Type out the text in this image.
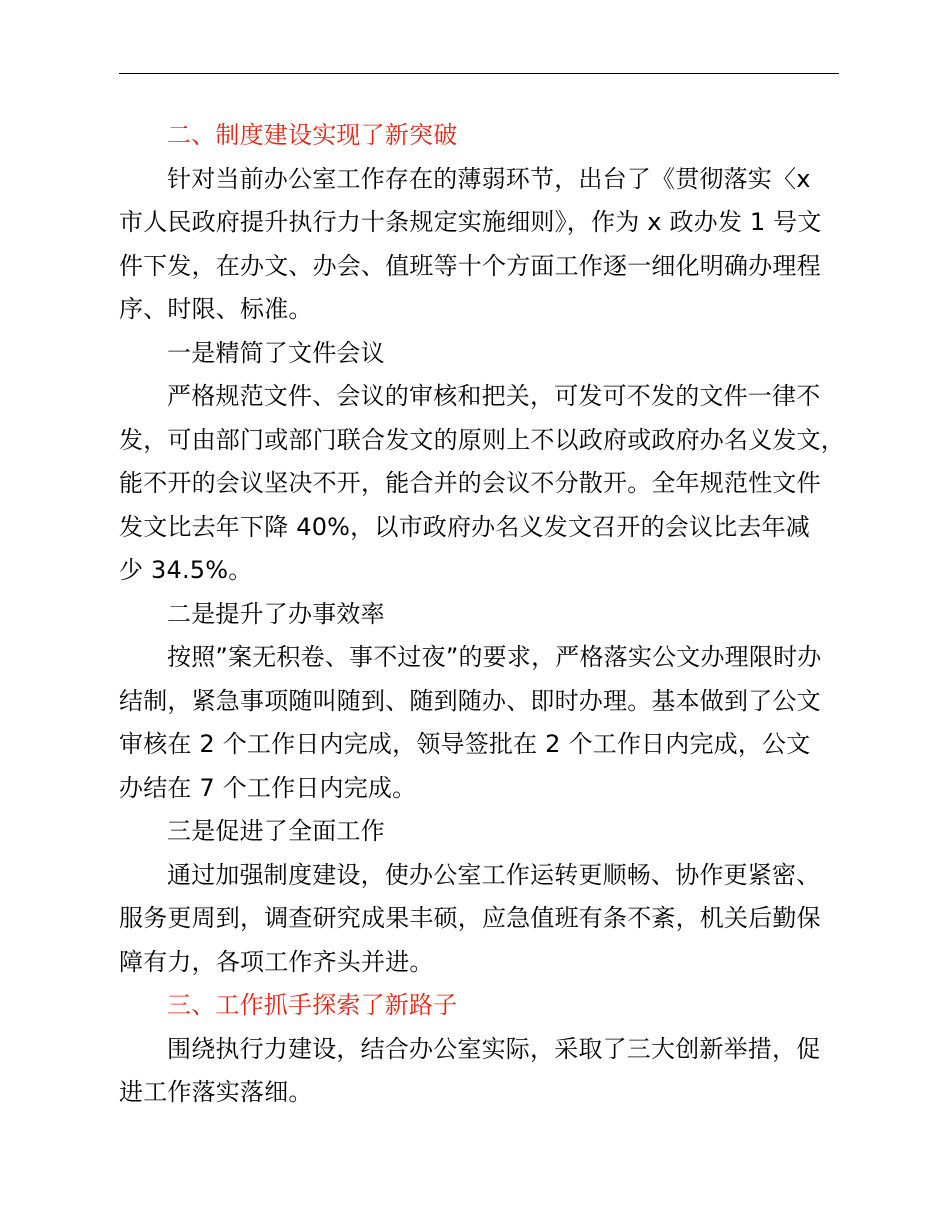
二、制度建设实现了新突破
针对当前办公室工作存在的薄弱环节，出台了《贯彻落实〈x
市人民政府提升执行力十条规定实施细则》，作为 x 政办发 1 号文
件下发，在办文、办会、值班等十个方面工作逐一细化明确办理程
序、时限、标准。
一是精简了文件会议
严格规范文件、会议的审核和把关，可发可不发的文件一律不
发，可由部门或部门联合发文的原则上不以政府或政府办名义发文，
能不开的会议坚决不开，能合并的会议不分散开。全年规范性文件
发文比去年下降 40%，以市政府办名义发文召开的会议比去年减
少 34.5%。
二是提升了办事效率
按照”案无积卷、事不过夜”的要求，严格落实公文办理限时办
结制，紧急事项随叫随到、随到随办、即时办理。基本做到了公文
审核在 2 个工作日内完成，领导签批在 2 个工作日内完成，公文
办结在 7 个工作日内完成。
三是促进了全面工作
通过加强制度建设，使办公室工作运转更顺畅、协作更紧密、
服务更周到，调查研究成果丰硕，应急值班有条不紊，机关后勤保
障有力，各项工作齐头并进。
三、工作抓手探索了新路子
围绕执行力建设，结合办公室实际，采取了三大创新举措，促
进工作落实落细。
